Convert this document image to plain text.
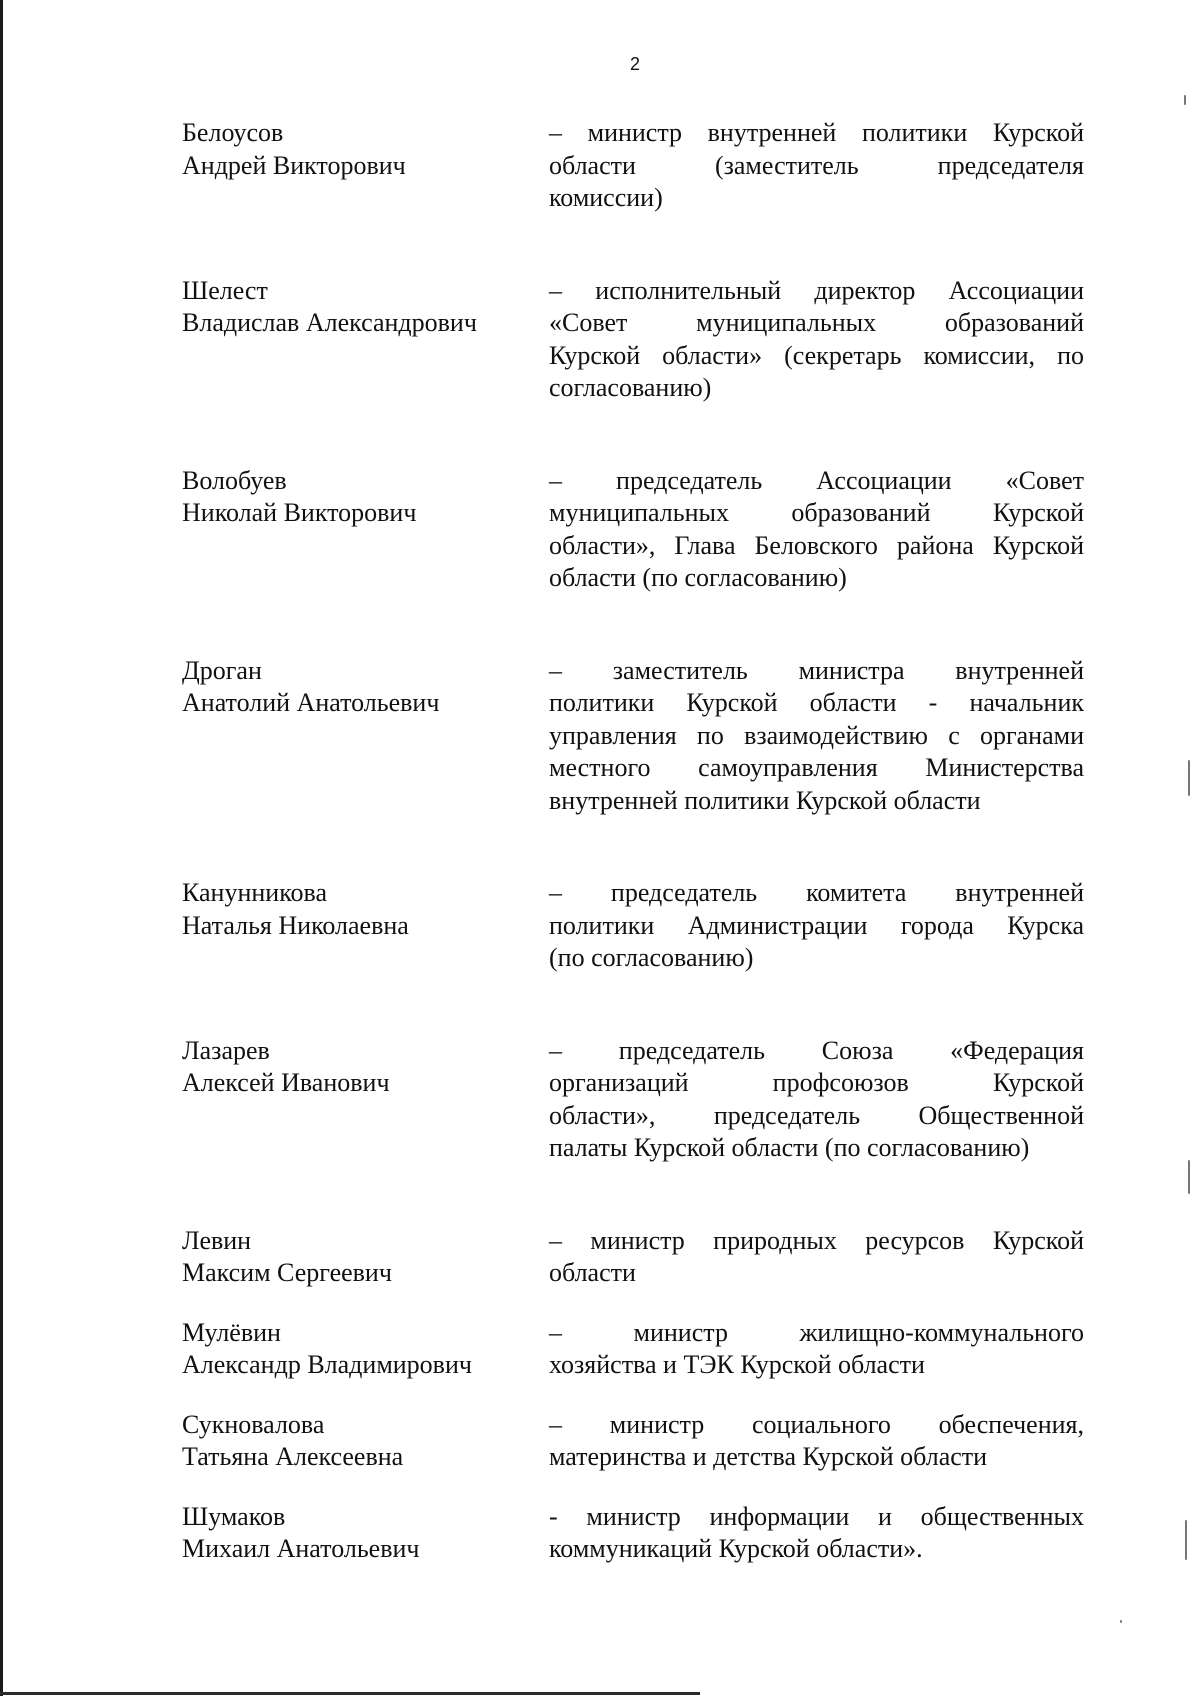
2
Белоусов
Андрей Викторович
– министр внутренней политики Курской
области (заместитель председателя
комиссии)
Шелест
Владислав Александрович
– исполнительный директор Ассоциации
«Совет муниципальных образований
Курской области» (секретарь комиссии, по
согласованию)
Волобуев
Николай Викторович
– председатель Ассоциации «Совет
муниципальных образований Курской
области», Глава Беловского района Курской
области (по согласованию)
Дроган
Анатолий Анатольевич
– заместитель министра внутренней
политики Курской области - начальник
управления по взаимодействию с органами
местного самоуправления Министерства
внутренней политики Курской области
Канунникова
Наталья Николаевна
– председатель комитета внутренней
политики Администрации города Курска
(по согласованию)
Лазарев
Алексей Иванович
– председатель Союза «Федерация
организаций профсоюзов Курской
области», председатель Общественной
палаты Курской области (по согласованию)
Левин
Максим Сергеевич
– министр природных ресурсов Курской
области
Мулёвин
Александр Владимирович
– министр жилищно-коммунального
хозяйства и ТЭК Курской области
Сукновалова
Татьяна Алексеевна
– министр социального обеспечения,
материнства и детства Курской области
Шумаков
Михаил Анатольевич
- министр информации и общественных
коммуникаций Курской области».
